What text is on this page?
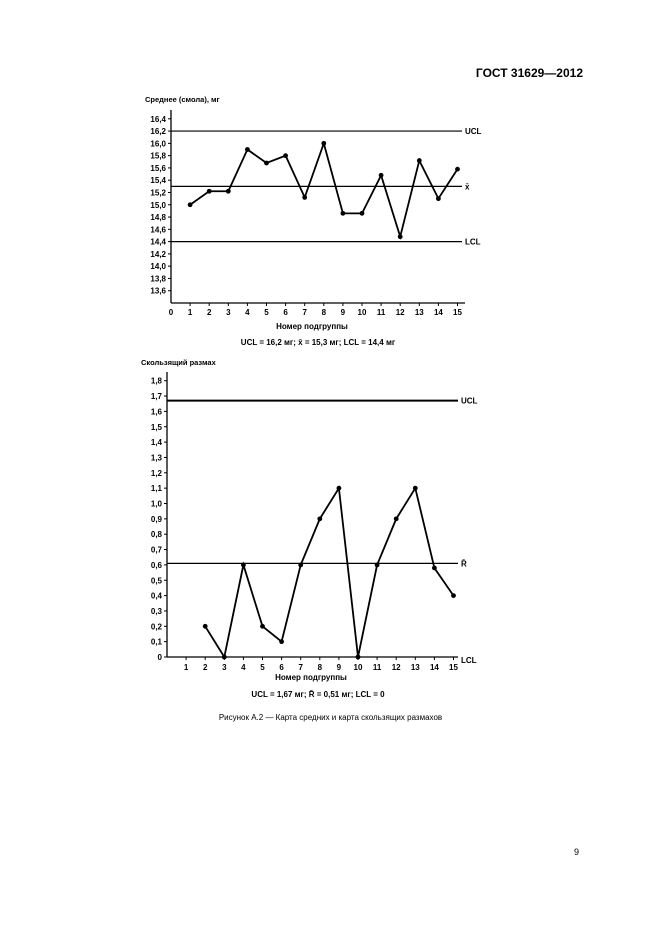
ГОСТ 31629—2012
Среднее (смола), мг
13,6
13,8
14,0
14,2
14,4
14,6
14,8
15,0
15,2
15,4
15,6
15,8
16,0
16,2
16,4
0 1 2 3 4 5 6 7 8 9 10 11 12 13 14 15
UCL
x̄
LCL
Номер подгруппы
UCL = 16,2 мг; x̄ = 15,3 мг; LCL = 14,4 мг
Скользящий размах
0
0,1
0,2
0,3
0,4
0,5
0,6
0,7
0,8
0,9
1,0
1,1
1,2
1,3
1,4
1,5
1,6
1,7
1,8
1 2 3 4 5 6 7 8 9 10 11 12 13 14 15
UCL
R̄
LCL
Номер подгруппы
UCL = 1,67 мг; R̄ = 0,51 мг; LCL = 0
Рисунок А.2 — Карта средних и карта скользящих размахов
9
